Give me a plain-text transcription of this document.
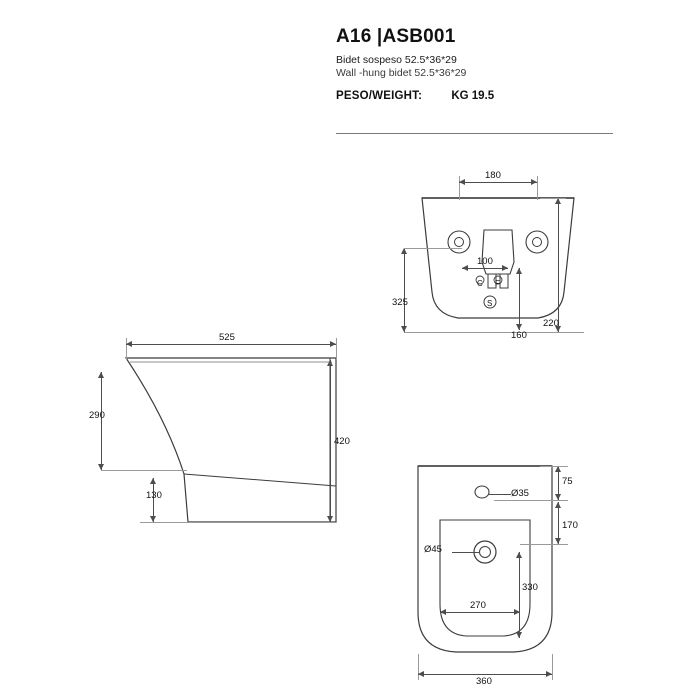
A16 |ASB001
Bidet sospeso 52.5*36*29
Wall -hung bidet 52.5*36*29
PESO/WEIGHT:	KG 19.5
C F
S
180
100
325
160
220
525
290
420
130	Ø35
Ø45
75
170
330
270
360
